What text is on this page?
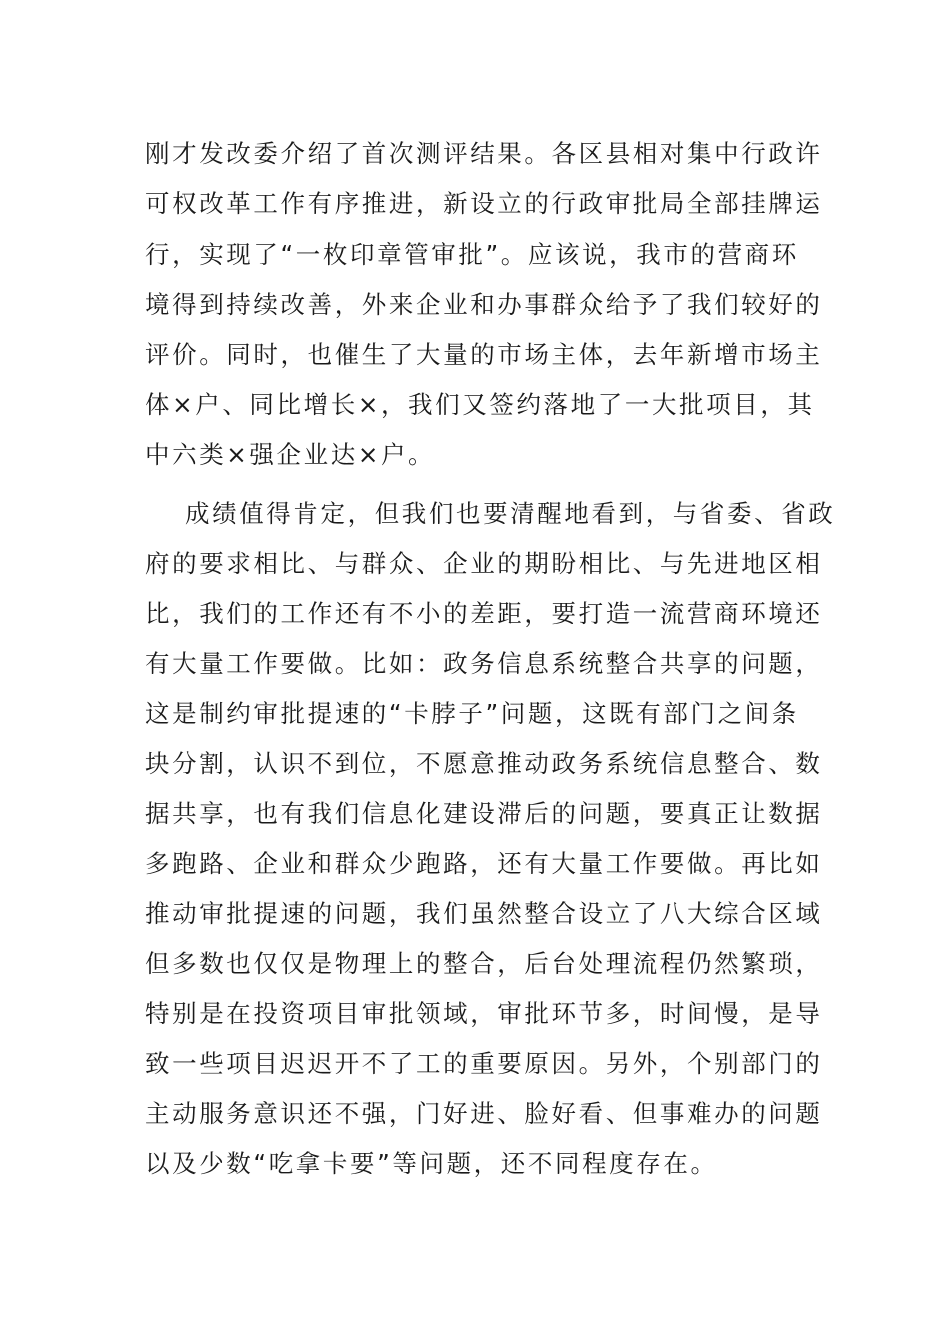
刚才发改委介绍了首次测评结果。各区县相对集中行政许
可权改革工作有序推进，新设立的行政审批局全部挂牌运
行，实现了“一枚印章管审批”。应该说，我市的营商环
境得到持续改善，外来企业和办事群众给予了我们较好的
评价。同时，也催生了大量的市场主体，去年新增市场主
体×户、同比增长×，我们又签约落地了一大批项目，其
中六类×强企业达×户。
成绩值得肯定，但我们也要清醒地看到，与省委、省政
府的要求相比、与群众、企业的期盼相比、与先进地区相
比，我们的工作还有不小的差距，要打造一流营商环境还
有大量工作要做。比如：政务信息系统整合共享的问题，
这是制约审批提速的“卡脖子”问题，这既有部门之间条
块分割，认识不到位，不愿意推动政务系统信息整合、数
据共享，也有我们信息化建设滞后的问题，要真正让数据
多跑路、企业和群众少跑路，还有大量工作要做。再比如
推动审批提速的问题，我们虽然整合设立了八大综合区域
但多数也仅仅是物理上的整合，后台处理流程仍然繁琐，
特别是在投资项目审批领域，审批环节多，时间慢，是导
致一些项目迟迟开不了工的重要原因。另外，个别部门的
主动服务意识还不强，门好进、脸好看、但事难办的问题
以及少数“吃拿卡要”等问题，还不同程度存在。
